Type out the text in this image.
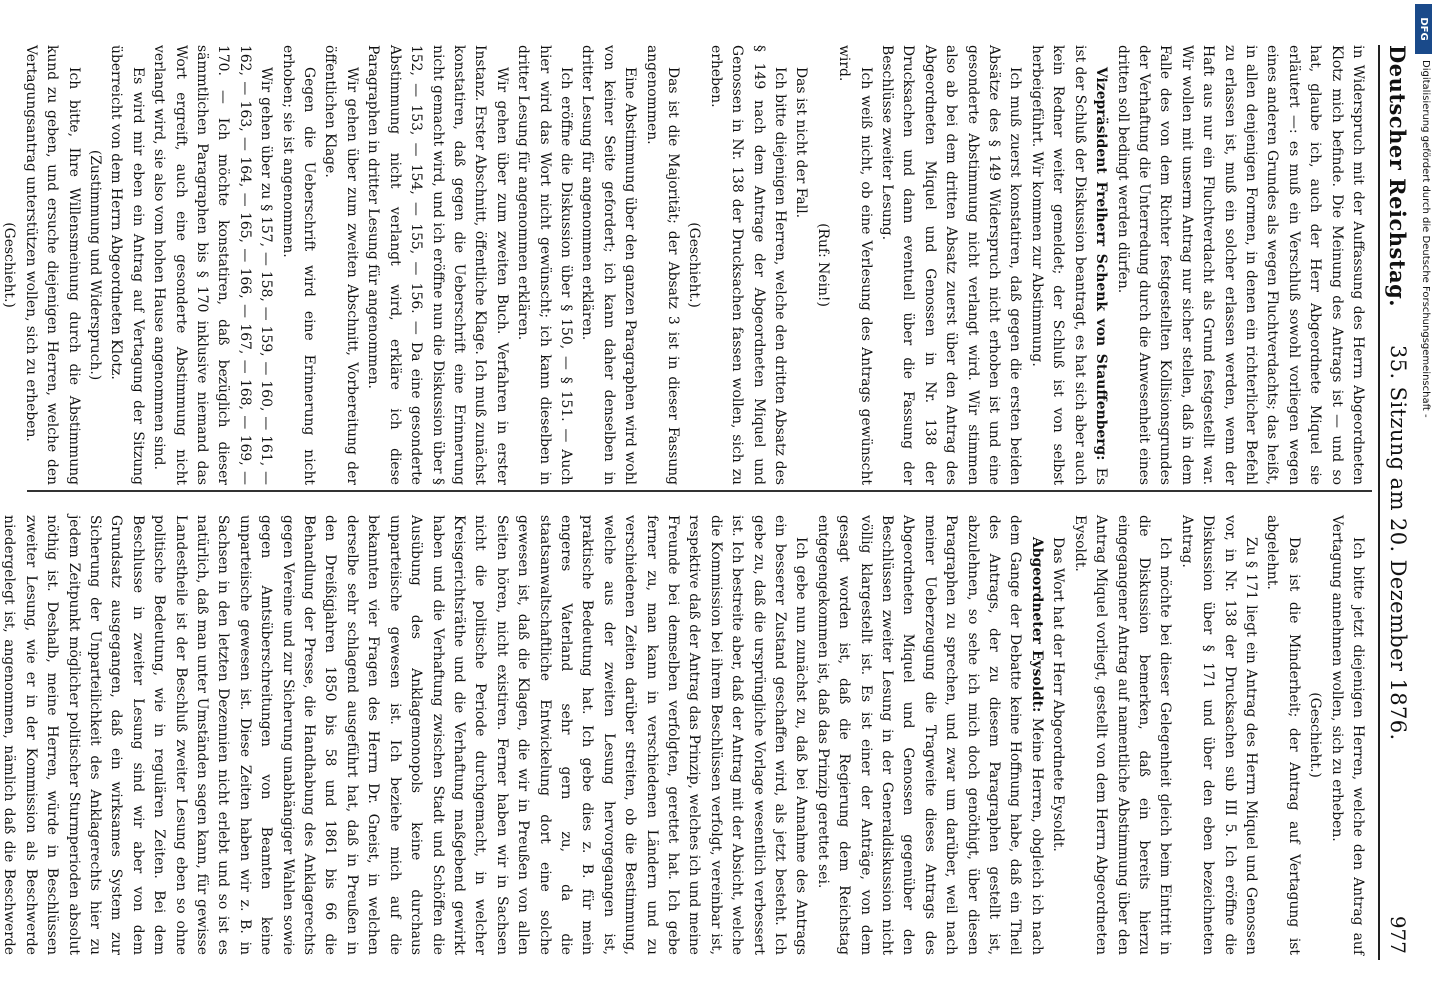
Deutscher Reichstag.
35. Sitzung am 20. Dezember 1876.
977

in Widerspruch mit der Auffassung des Herrn Abgeordneten Klotz mich befinde. Die Meinung des Antrags ist — und so hat, glaube ich, auch der Herr Abgeordnete Miquel sie erläutert —: es muß ein Verschluß sowohl vorliegen wegen eines anderen Grundes als wegen Fluchtverdachts; das heißt, in allen denjenigen Formen, in denen ein richterlicher Befehl zu erlassen ist, muß ein solcher erlassen werden, wenn der Haft aus nur ein Fluchtverdacht als Grund festgestellt war. Wir wollen mit unserm Antrag nur sicher stellen, daß in dem Falle des von dem Richter festgestellten Kollisionsgrundes der Verhaftung die Unterredung durch die Anwesenheit eines dritten soll bedingt werden dürfen.

Vizepräsident Freiherr Schenk von Stauffenberg: Es ist der Schluß der Diskussion beantragt, es hat sich aber auch kein Redner weiter gemeldet; der Schluß ist von selbst herbeigeführt. Wir kommen zur Abstimmung.

Ich muß zuerst konstatiren, daß gegen die ersten beiden Absätze des § 149 Widerspruch nicht erhoben ist und eine gesonderte Abstimmung nicht verlangt wird. Wir stimmen also ab bei dem dritten Absatz zuerst über den Antrag des Abgeordneten Miquel und Genossen in Nr. 138 der Drucksachen und dann eventuell über die Fassung der Beschlüsse zweiter Lesung.

Ich weiß nicht, ob eine Verlesung des Antrags gewünscht wird.

(Ruf: Nein!)

Das ist nicht der Fall.

Ich bitte diejenigen Herren, welche den dritten Absatz des § 149 nach dem Antrage der Abgeordneten Miquel und Genossen in Nr. 138 der Drucksachen fassen wollen, sich zu erheben.

(Geschieht.)

Das ist die Majorität; der Absatz 3 ist in dieser Fassung angenommen.

Eine Abstimmung über den ganzen Paragraphen wird wohl von keiner Seite gefordert; ich kann daher denselben in dritter Lesung für angenommen erklären.

Ich eröffne die Diskussion über § 150, — § 151. — Auch hier wird das Wort nicht gewünscht; ich kann dieselben in dritter Lesung für angenommen erklären.

Wir gehen über zum zweiten Buch. Verfahren in erster Instanz. Erster Abschnitt, öffentliche Klage. Ich muß zunächst konstatiren, daß gegen die Ueberschrift eine Erinnerung nicht gemacht wird, und ich eröffne nun die Diskussion über § 152, — 153, — 154, — 155, — 156. — Da eine gesonderte Abstimmung nicht verlangt wird, erkläre ich diese Paragraphen in dritter Lesung für angenommen.

Wir gehen über zum zweiten Abschnitt, Vorbereitung der öffentlichen Klage.

Gegen die Ueberschrift wird eine Erinnerung nicht erhoben; sie ist angenommen.

Wir gehen über zu § 157, — 158, — 159, — 160, — 161, — 162, — 163, — 164, — 165, — 166, — 167, — 168, — 169, — 170. — Ich möchte konstatiren, daß bezüglich dieser sämmtlichen Paragraphen bis § 170 inklusive niemand das Wort ergreift, auch eine gesonderte Abstimmung nicht verlangt wird, sie also vom hohen Hause angenommen sind.

Es wird mir eben ein Antrag auf Vertagung der Sitzung überreicht von dem Herrn Abgeordneten Klotz.

(Zustimmung und Widerspruch.)

Ich bitte, Ihre Willensmeinung durch die Abstimmung kund zu geben, und ersuche diejenigen Herren, welche den Vertagungsantrag unterstützen wollen, sich zu erheben.

(Geschieht.)

Ich bitte jetzt diejenigen Herren, welche den Antrag auf Vertagung annehmen wollen, sich zu erheben.

(Geschieht.)

Das ist die Minderheit; der Antrag auf Vertagung ist abgelehnt.

Zu § 171 liegt ein Antrag des Herrn Miquel und Genossen vor, in Nr. 138 der Drucksachen sub III 5. Ich eröffne die Diskussion über § 171 und über den eben bezeichneten Antrag.

Ich möchte bei dieser Gelegenheit gleich beim Eintritt in die Diskussion bemerken, daß ein bereits hierzu eingegangener Antrag auf namentliche Abstimmung über den Antrag Miquel vorliegt, gestellt von dem Herrn Abgeordneten Eysoldt.

Das Wort hat der Herr Abgeordnete Eysoldt.

Abgeordneter Eysoldt: Meine Herren, obgleich ich nach dem Gange der Debatte keine Hoffnung habe, daß ein Theil des Antrags, der zu diesem Paragraphen gestellt ist, abzulehnen, so sehe ich mich doch genöthigt, über diesen Paragraphen zu sprechen, und zwar um darüber, weil nach meiner Ueberzeugung die Tragweite dieses Antrags des Abgeordneten Miquel und Genossen gegenüber den Beschlüssen zweiter Lesung in der Generaldiskussion nicht völlig klargestellt ist. Es ist einer der Anträge, von dem gesagt worden ist, daß die Regierung dem Reichstag entgegengekommen ist, daß das Prinzip gerettet sei.

Ich gebe nun zunächst zu, daß bei Annahme des Antrags ein besserer Zustand geschaffen wird, als jetzt besteht. Ich gebe zu, daß die ursprüngliche Vorlage wesentlich verbessert ist. Ich bestreite aber, daß der Antrag mit der Absicht, welche die Kommission bei ihrem Beschlüssen verfolgt, vereinbar ist, respektive daß der Antrag das Prinzip, welches ich und meine Freunde bei demselben verfolgten, gerettet hat. Ich gebe ferner zu, man kann in verschiedenen Ländern und zu verschiedenen Zeiten darüber streiten, ob die Bestimmung, welche aus der zweiten Lesung hervorgegangen ist, praktische Bedeutung hat. Ich gebe dies z. B. für mein engeres Vaterland sehr gern zu, da die staatsanwaltschaftliche Entwickelung dort eine solche gewesen ist, daß die Klagen, die wir in Preußen von allen Seiten hören, nicht existiren. Ferner haben wir in Sachsen nicht die politische Periode durchgemacht, in welcher Kreisgerichtsräthe und die Verhaftung maßgebend gewirkt haben und die Verhaftung zwischen Stadt und Schöffen die Ausübung des Anklagemonopols keine durchaus unparteiische gewesen ist. Ich beziehe mich auf die bekannten vier Fragen des Herrn Dr. Gneist, in welchen derselbe sehr schlagend ausgeführt hat, daß in Preußen in den Dreißigjahren 1850 bis 58 und 1861 bis 66 die Behandlung der Presse, die Handhabung des Anklagerechts gegen Vereine und zur Sicherung unabhängiger Wahlen sowie gegen Amtsüberschreitungen von Beamten keine unparteiische gewesen ist. Diese Zeiten haben wir z. B. in Sachsen in den letzten Dezennien nicht erlebt und so ist es natürlich, daß man unter Umständen sagen kann, für gewisse Landestheile ist der Beschluß zweiter Lesung eben so ohne politische Bedeutung, wie in regulären Zeiten. Bei dem Beschlusse in zweiter Lesung sind wir aber von dem Grundsatz ausgegangen, daß ein wirksames System zur Sicherung der Unparteilichkeit des Anklagerechts hier zu jedem Zeitpunkt möglicher politischer Sturmperioden absolut nöthig ist. Deshalb, meine Herren, würde in Beschlüssen zweiter Lesung, wie er in der Kommission als Beschwerde niedergelegt ist, angenommen, nämlich daß die Beschwerde

Digitalisierung gefördert durch die Deutsche Forschungsgemeinschaft -
DFG
